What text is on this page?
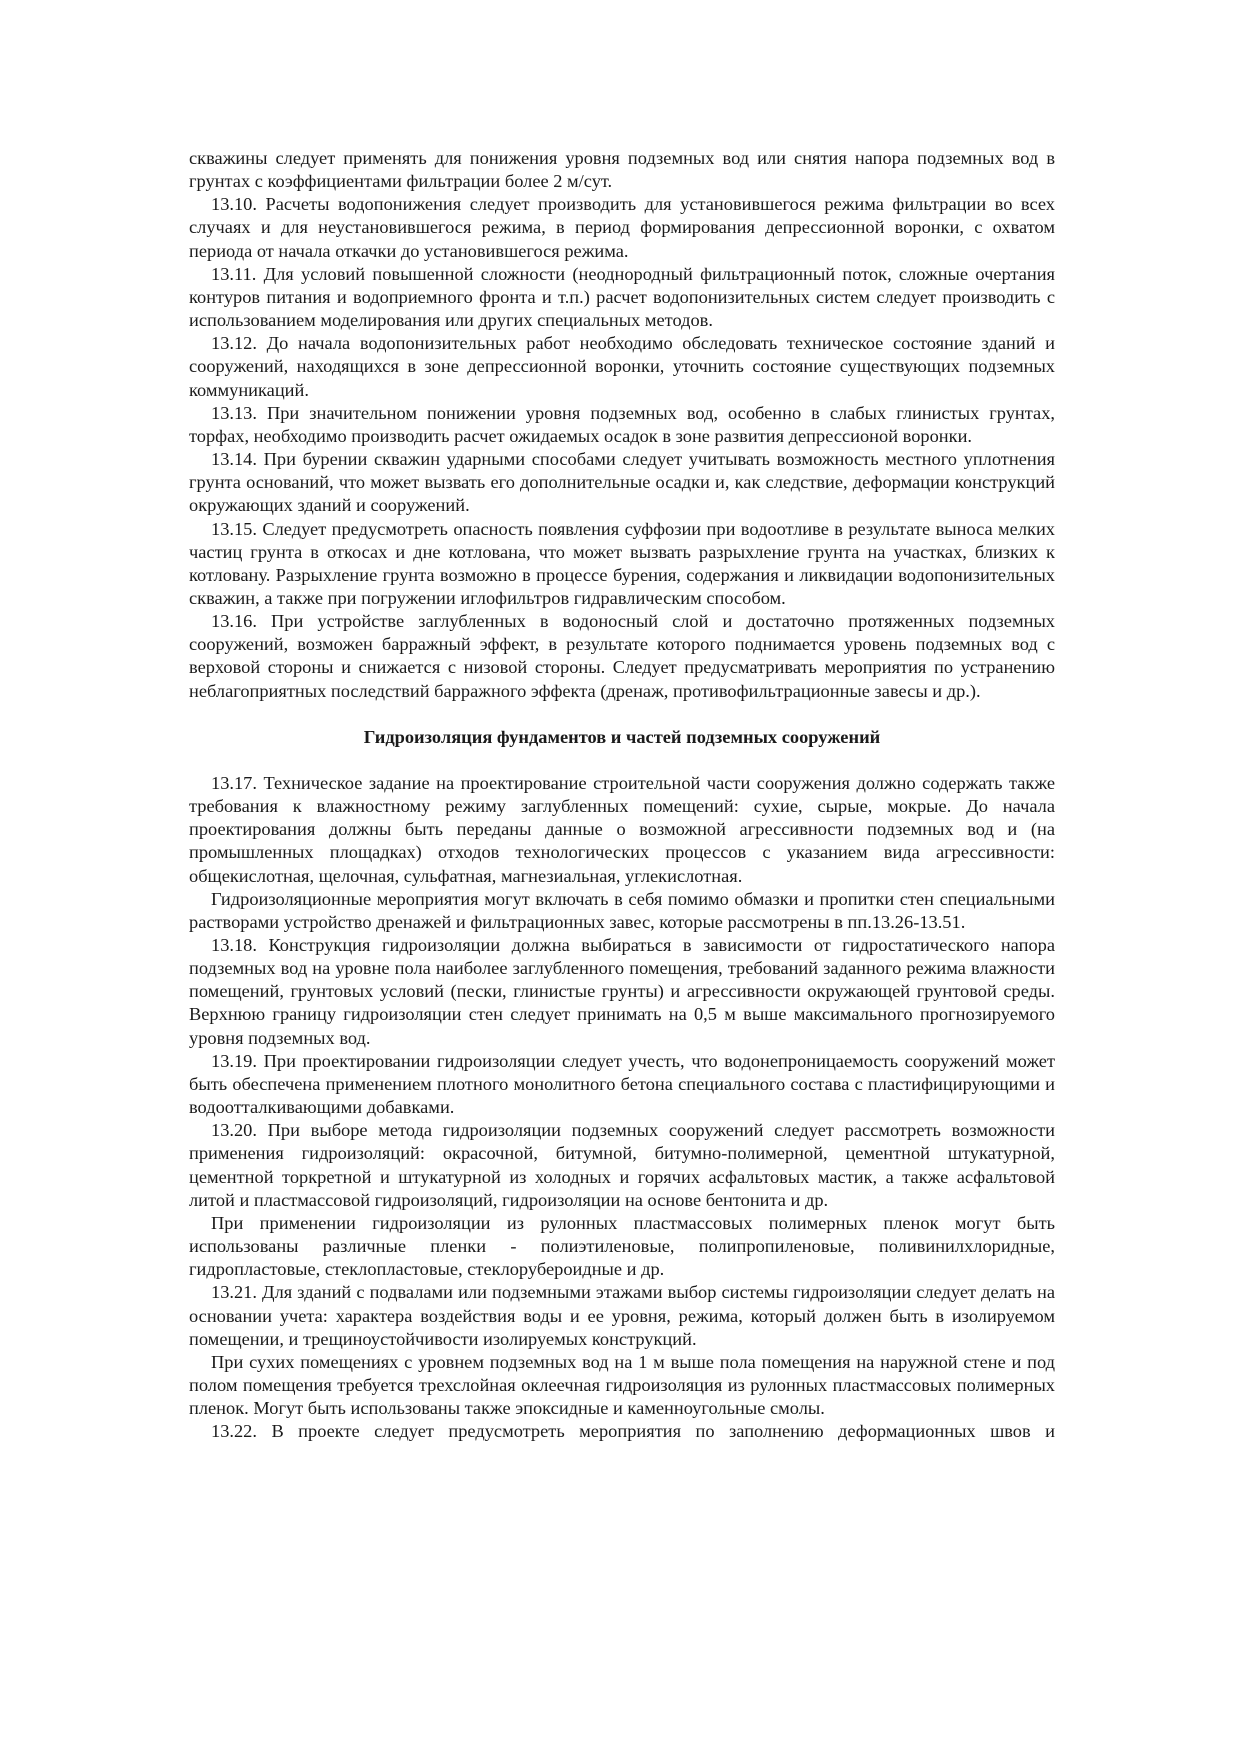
скважины следует применять для понижения уровня подземных вод или снятия напора подземных вод в грунтах с коэффициентами фильтрации более 2 м/сут.

13.10. Расчеты водопонижения следует производить для установившегося режима фильтрации во всех случаях и для неустановившегося режима, в период формирования депрессионной воронки, с охватом периода от начала откачки до установившегося режима.

13.11. Для условий повышенной сложности (неоднородный фильтрационный поток, сложные очертания контуров питания и водоприемного фронта и т.п.) расчет водопонизительных систем следует производить с использованием моделирования или других специальных методов.

13.12. До начала водопонизительных работ необходимо обследовать техническое состояние зданий и сооружений, находящихся в зоне депрессионной воронки, уточнить состояние существующих подземных коммуникаций.

13.13. При значительном понижении уровня подземных вод, особенно в слабых глинистых грунтах, торфах, необходимо производить расчет ожидаемых осадок в зоне развития депрессионой воронки.

13.14. При бурении скважин ударными способами следует учитывать возможность местного уплотнения грунта оснований, что может вызвать его дополнительные осадки и, как следствие, деформации конструкций окружающих зданий и сооружений.

13.15. Следует предусмотреть опасность появления суффозии при водоотливе в результате выноса мелких частиц грунта в откосах и дне котлована, что может вызвать разрыхление грунта на участках, близких к котловану. Разрыхление грунта возможно в процессе бурения, содержания и ликвидации водопонизительных скважин, а также при погружении иглофильтров гидравлическим способом.

13.16. При устройстве заглубленных в водоносный слой и достаточно протяженных подземных сооружений, возможен барражный эффект, в результате которого поднимается уровень подземных вод с верховой стороны и снижается с низовой стороны. Следует предусматривать мероприятия по устранению неблагоприятных последствий барражного эффекта (дренаж, противофильтрационные завесы и др.).

Гидроизоляция фундаментов и частей подземных сооружений

13.17. Техническое задание на проектирование строительной части сооружения должно содержать также требования к влажностному режиму заглубленных помещений: сухие, сырые, мокрые. До начала проектирования должны быть переданы данные о возможной агрессивности подземных вод и (на промышленных площадках) отходов технологических процессов с указанием вида агрессивности: общекислотная, щелочная, сульфатная, магнезиальная, углекислотная.

Гидроизоляционные мероприятия могут включать в себя помимо обмазки и пропитки стен специальными растворами устройство дренажей и фильтрационных завес, которые рассмотрены в пп.13.26-13.51.

13.18. Конструкция гидроизоляции должна выбираться в зависимости от гидростатического напора подземных вод на уровне пола наиболее заглубленного помещения, требований заданного режима влажности помещений, грунтовых условий (пески, глинистые грунты) и агрессивности окружающей грунтовой среды. Верхнюю границу гидроизоляции стен следует принимать на 0,5 м выше максимального прогнозируемого уровня подземных вод.

13.19. При проектировании гидроизоляции следует учесть, что водонепроницаемость сооружений может быть обеспечена применением плотного монолитного бетона специального состава с пластифицирующими и водоотталкивающими добавками.

13.20. При выборе метода гидроизоляции подземных сооружений следует рассмотреть возможности применения гидроизоляций: окрасочной, битумной, битумно-полимерной, цементной штукатурной, цементной торкретной и штукатурной из холодных и горячих асфальтовых мастик, а также асфальтовой литой и пластмассовой гидроизоляций, гидроизоляции на основе бентонита и др.

При применении гидроизоляции из рулонных пластмассовых полимерных пленок могут быть использованы различные пленки - полиэтиленовые, полипропиленовые, поливинилхлоридные, гидропластовые, стеклопластовые, стеклорубероидные и др.

13.21. Для зданий с подвалами или подземными этажами выбор системы гидроизоляции следует делать на основании учета: характера воздействия воды и ее уровня, режима, который должен быть в изолируемом помещении, и трещиноустойчивости изолируемых конструкций.

При сухих помещениях с уровнем подземных вод на 1 м выше пола помещения на наружной стене и под полом помещения требуется трехслойная оклеечная гидроизоляция из рулонных пластмассовых полимерных пленок. Могут быть использованы также эпоксидные и каменноугольные смолы.

13.22. В проекте следует предусмотреть мероприятия по заполнению деформационных швов и
